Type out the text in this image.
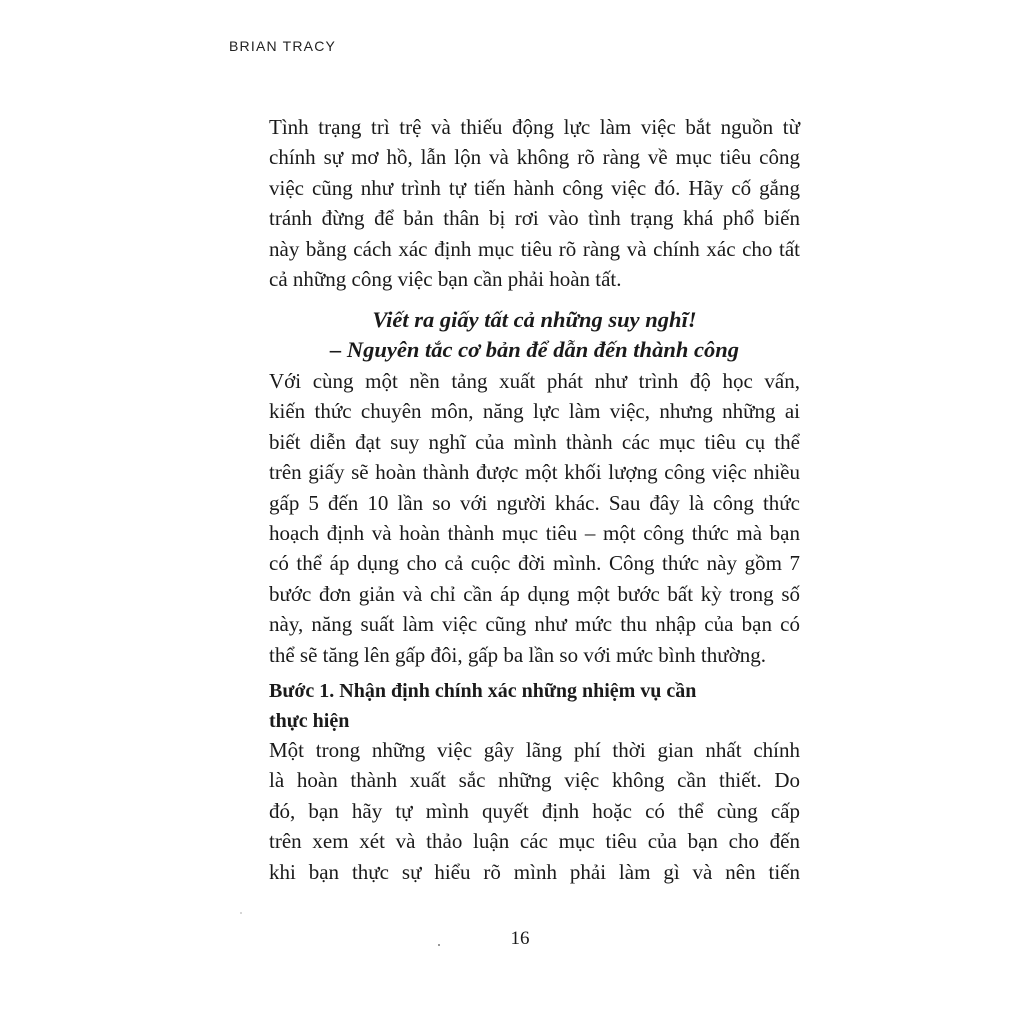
BRIAN TRACY
Tình trạng trì trệ và thiếu động lực làm việc bắt nguồn từ
chính sự mơ hồ, lẫn lộn và không rõ ràng về mục tiêu công
việc cũng như trình tự tiến hành công việc đó. Hãy cố gắng
tránh đừng để bản thân bị rơi vào tình trạng khá phổ biến
này bằng cách xác định mục tiêu rõ ràng và chính xác cho tất
cả những công việc bạn cần phải hoàn tất.
Viết ra giấy tất cả những suy nghĩ!
– Nguyên tắc cơ bản để dẫn đến thành công
Với cùng một nền tảng xuất phát như trình độ học vấn,
kiến thức chuyên môn, năng lực làm việc, nhưng những ai
biết diễn đạt suy nghĩ của mình thành các mục tiêu cụ thể
trên giấy sẽ hoàn thành được một khối lượng công việc nhiều
gấp 5 đến 10 lần so với người khác. Sau đây là công thức
hoạch định và hoàn thành mục tiêu – một công thức mà bạn
có thể áp dụng cho cả cuộc đời mình. Công thức này gồm 7
bước đơn giản và chỉ cần áp dụng một bước bất kỳ trong số
này, năng suất làm việc cũng như mức thu nhập của bạn có
thể sẽ tăng lên gấp đôi, gấp ba lần so với mức bình thường.
Bước 1. Nhận định chính xác những nhiệm vụ cần
thực hiện
Một trong những việc gây lãng phí thời gian nhất chính
là hoàn thành xuất sắc những việc không cần thiết. Do
đó, bạn hãy tự mình quyết định hoặc có thể cùng cấp
trên xem xét và thảo luận các mục tiêu của bạn cho đến
khi bạn thực sự hiểu rõ mình phải làm gì và nên tiến
16
